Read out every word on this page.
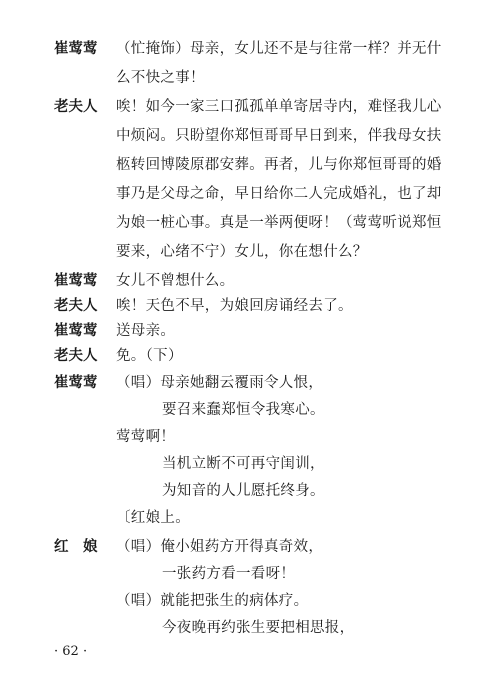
崔莺莺 （忙掩饰）母亲，女儿还不是与往常一样？并无什
么不快之事！
老夫人 唉！如今一家三口孤孤单单寄居寺内，难怪我儿心
中烦闷。只盼望你郑恒哥哥早日到来，伴我母女扶
柩转回博陵原郡安葬。再者，儿与你郑恒哥哥的婚
事乃是父母之命，早日给你二人完成婚礼，也了却
为娘一桩心事。真是一举两便呀！（莺莺听说郑恒
要来，心绪不宁）女儿，你在想什么？
崔莺莺 女儿不曾想什么。
老夫人 唉！天色不早，为娘回房诵经去了。
崔莺莺 送母亲。
老夫人 免。（下）
崔莺莺 （唱）母亲她翻云覆雨令人恨，
要召来蠢郑恒令我寒心。
莺莺啊！
当机立断不可再守闺训，
为知音的人儿愿托终身。
〔红娘上。
红　娘 （唱）俺小姐药方开得真奇效，
一张药方看一看呀！
（唱）就能把张生的病体疗。
今夜晚再约张生要把相思报，
· 62 ·
